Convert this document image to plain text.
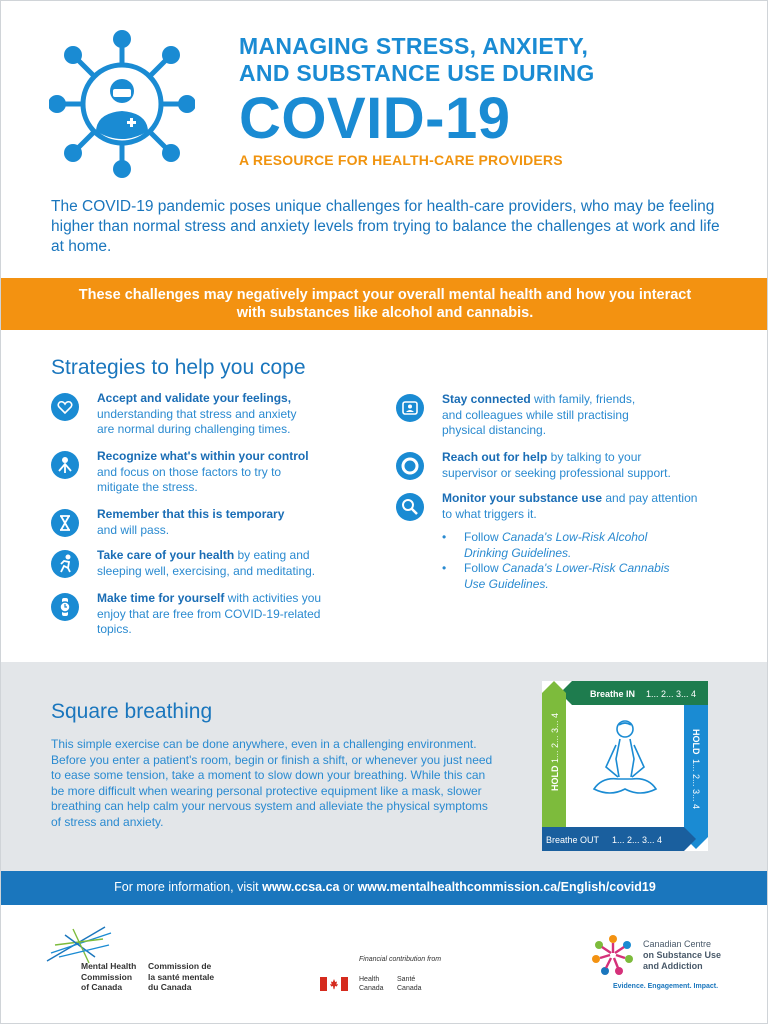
MANAGING STRESS, ANXIETY,
AND SUBSTANCE USE DURING
COVID-19
A RESOURCE FOR HEALTH-CARE PROVIDERS

The COVID-19 pandemic poses unique challenges for health-care providers, who may be feeling higher than normal stress and anxiety levels from trying to balance the challenges at work and life at home.

These challenges may negatively impact your overall mental health and how you interact
with substances like alcohol and cannabis.
Strategies to help you cope
Accept and validate your feelings,
understanding that stress and anxiety
are normal during challenging times.
Recognize what's within your control
and focus on those factors to try to
mitigate the stress.
Remember that this is temporary
and will pass.
Take care of your health by eating and
sleeping well, exercising, and meditating.
Make time for yourself with activities you
enjoy that are free from COVID-19-related
topics.
Stay connected with family, friends,
and colleagues while still practising
physical distancing.
Reach out for help by talking to your
supervisor or seeking professional support.
Monitor your substance use and pay attention
to what triggers it.
• Follow Canada's Low-Risk Alcohol
Drinking Guidelines.
• Follow Canada's Lower-Risk Cannabis
Use Guidelines.
Square breathing

This simple exercise can be done anywhere, even in a challenging environment. Before you enter a patient's room, begin or finish a shift, or whenever you just need to ease some tension, take a moment to slow down your breathing. While this can be more difficult when wearing personal protective equipment like a mask, slower breathing can help calm your nervous system and alleviate the physical symptoms of stress and anxiety.

Breathe IN 1... 2... 3... 4
HOLD
1... 2... 3... 4
Breathe OUT 1... 2... 3... 4
HOLD
1... 2... 3... 4
For more information, visit www.ccsa.ca or www.mentalhealthcommission.ca/English/covid19
Mental Health
Commission
of Canada
Commission de
la santé mentale
du Canada
Financial contribution from
Health
Canada
Santé
Canada
Canadian Centre
on Substance Use
and Addiction
Evidence. Engagement. Impact.
